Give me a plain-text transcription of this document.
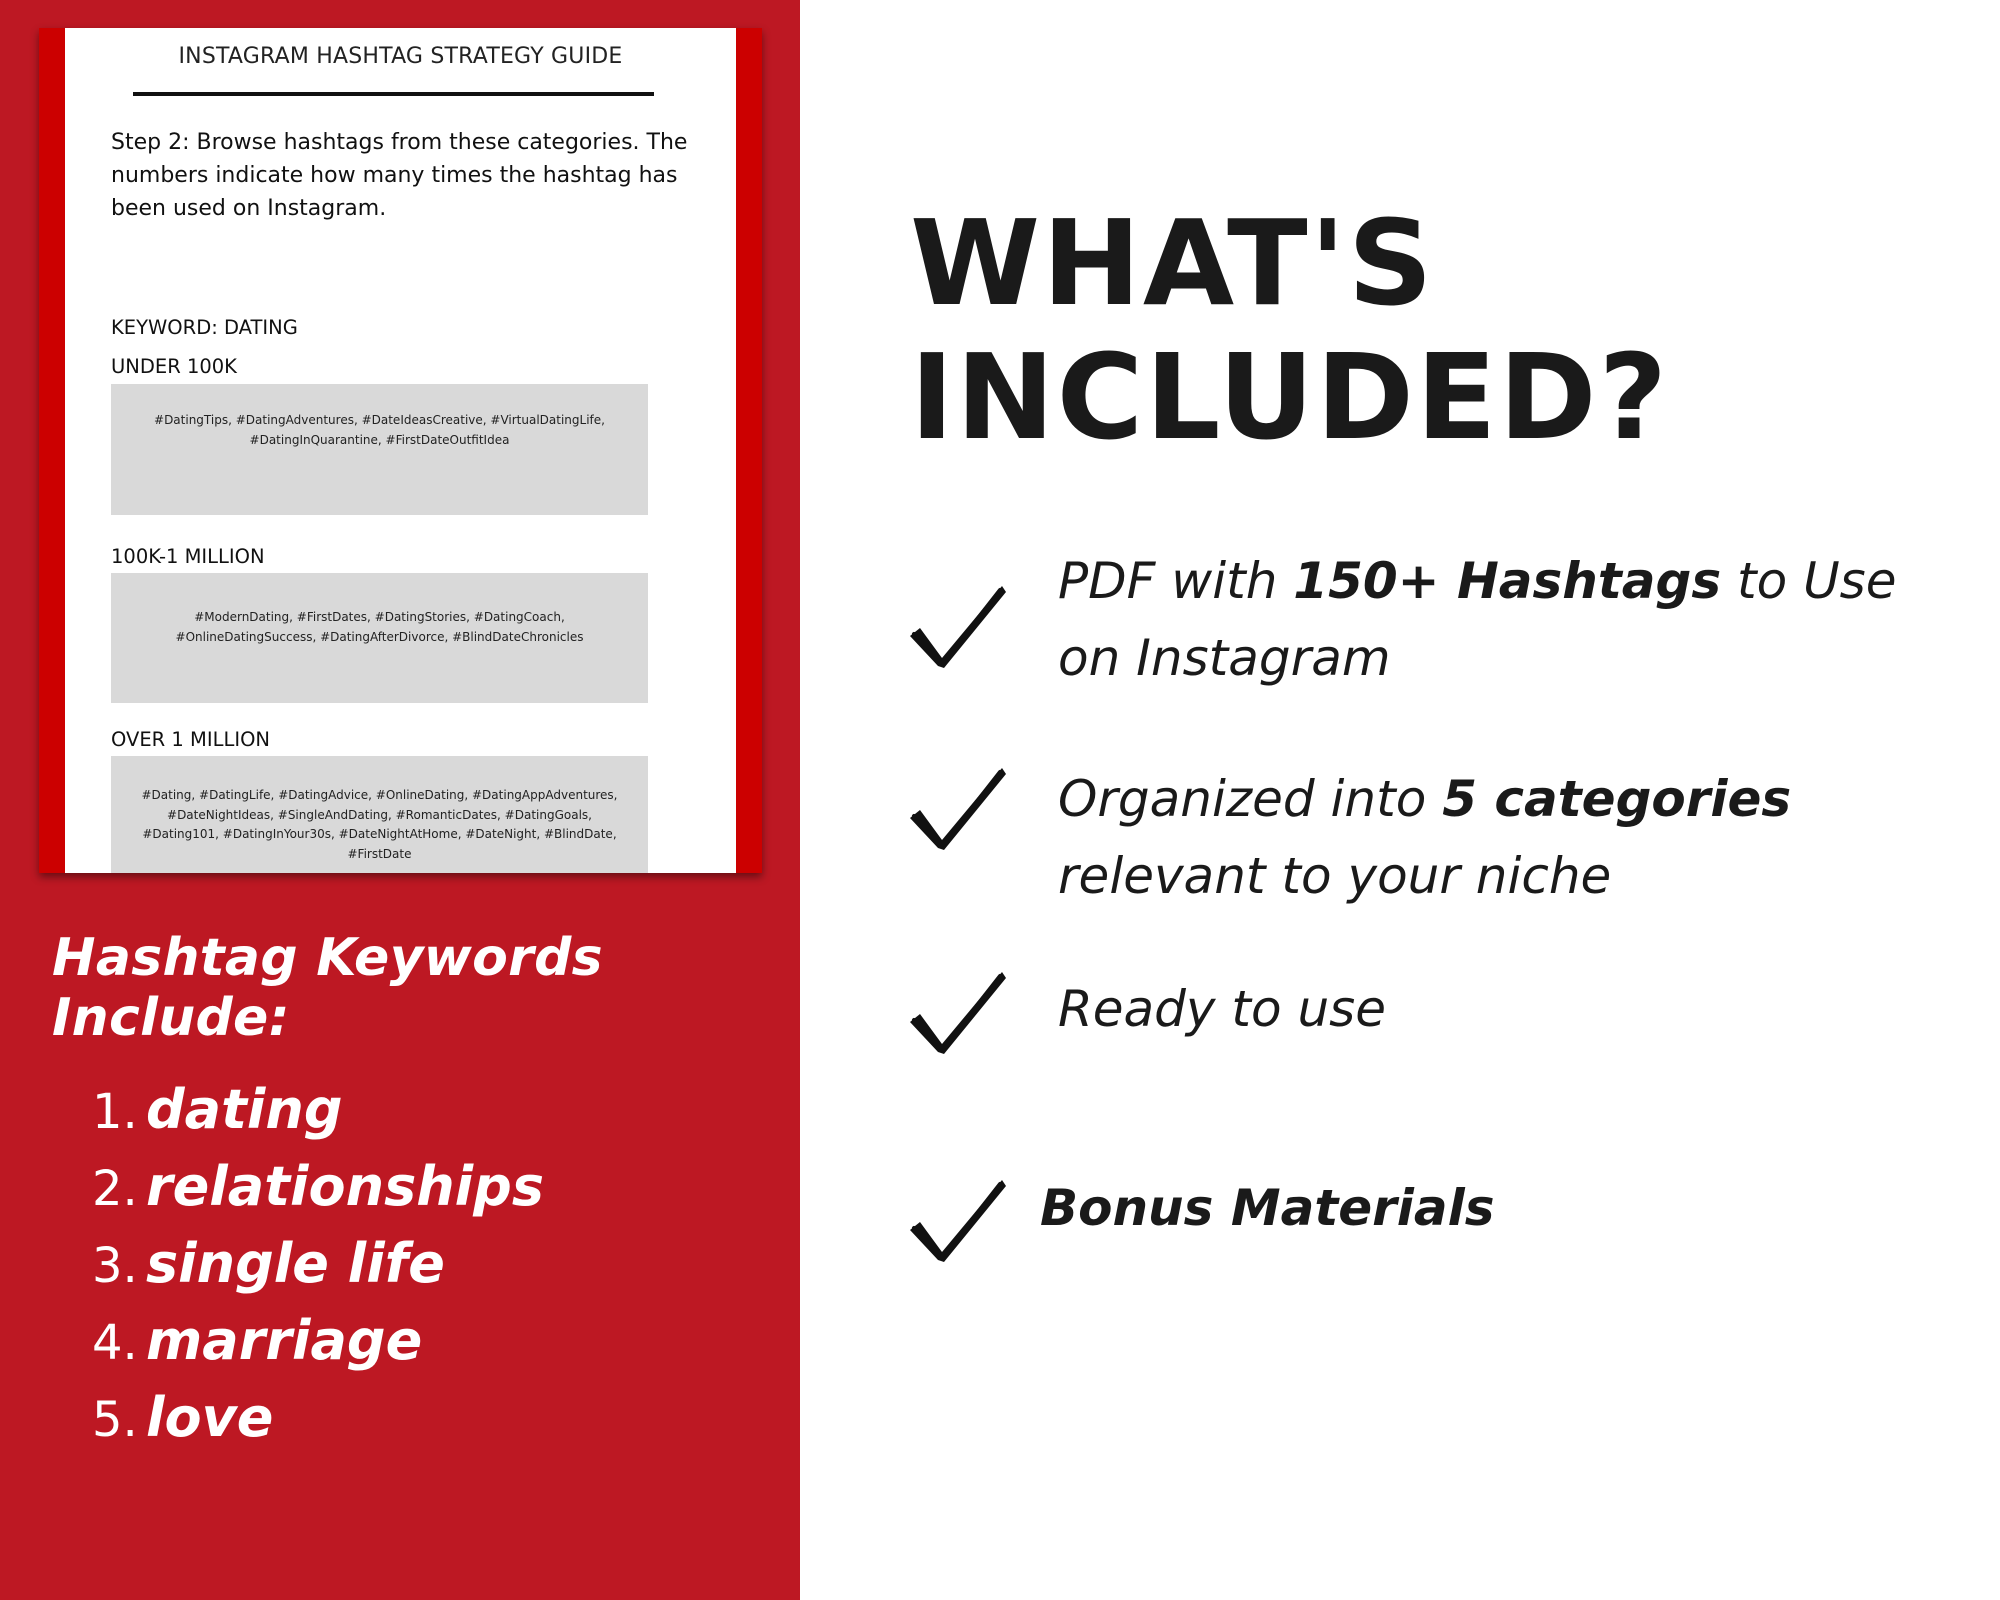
INSTAGRAM HASHTAG STRATEGY GUIDE
Step 2: Browse hashtags from these categories. The numbers indicate how many times the hashtag has been used on Instagram.
KEYWORD: DATING
UNDER 100K
#DatingTips, #DatingAdventures, #DateIdeasCreative, #VirtualDatingLife, #DatingInQuarantine, #FirstDateOutfitIdea
100K-1 MILLION
#ModernDating, #FirstDates, #DatingStories, #DatingCoach, #OnlineDatingSuccess, #DatingAfterDivorce, #BlindDateChronicles
OVER 1 MILLION
#Dating, #DatingLife, #DatingAdvice, #OnlineDating, #DatingAppAdventures, #DateNightIdeas, #SingleAndDating, #RomanticDates, #DatingGoals, #Dating101, #DatingInYour30s, #DateNightAtHome, #DateNight, #BlindDate, #FirstDate
Hashtag Keywords Include:
1. dating
2. relationships
3. single life
4. marriage
5. love
WHAT'S
INCLUDED?
PDF with 150+ Hashtags to Use
on Instagram
Organized into 5 categories
relevant to your niche
Ready to use
Bonus Materials
